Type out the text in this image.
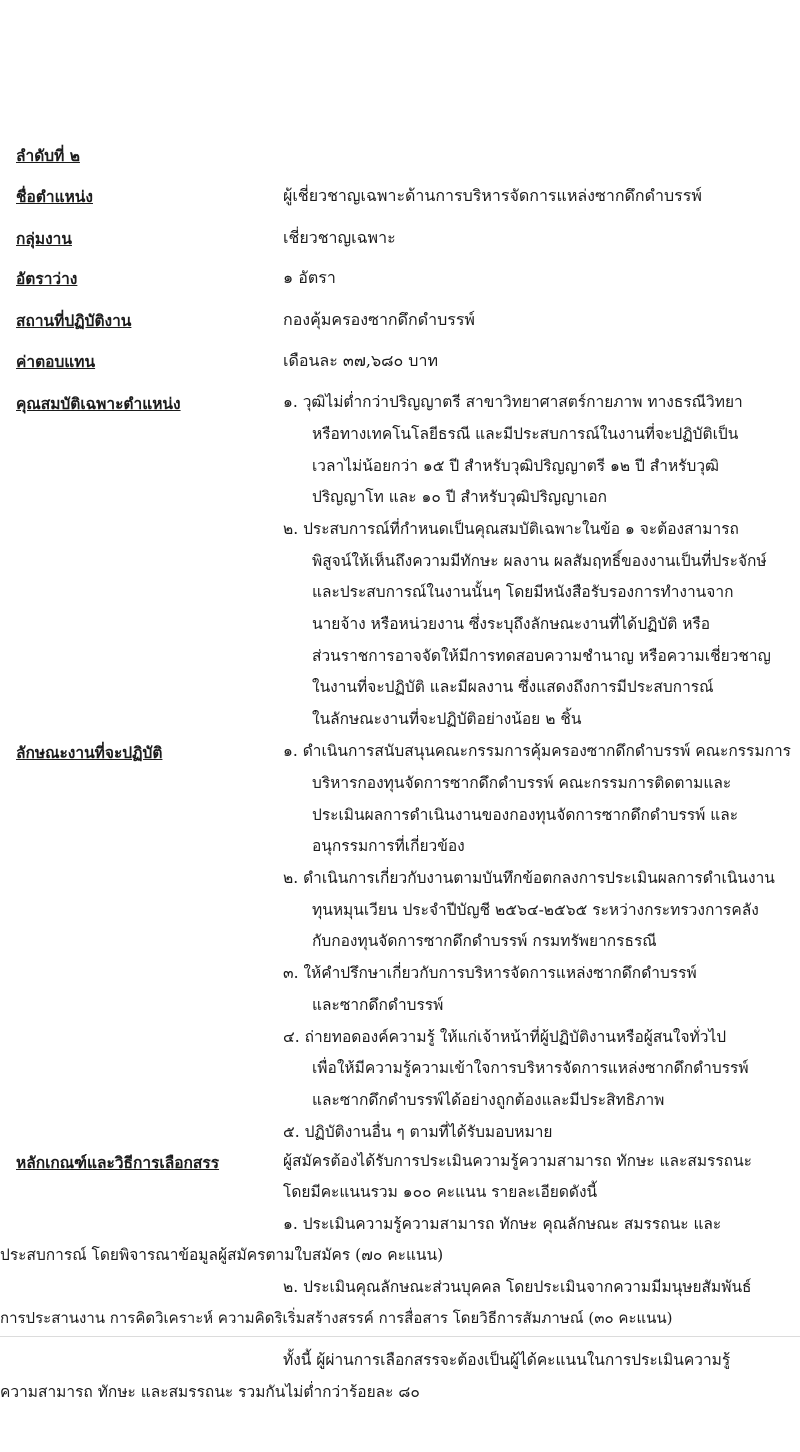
ลำดับที่ ๒
ชื่อตำแหน่ง	ผู้เชี่ยวชาญเฉพาะด้านการบริหารจัดการแหล่งซากดึกดำบรรพ์
กลุ่มงาน	เชี่ยวชาญเฉพาะ
อัตราว่าง	๑ อัตรา
สถานที่ปฏิบัติงาน	กองคุ้มครองซากดึกดำบรรพ์
ค่าตอบแทน	เดือนละ ๓๗,๖๘๐ บาท
คุณสมบัติเฉพาะตำแหน่ง	๑. วุฒิไม่ต่ำกว่าปริญญาตรี สาขาวิทยาศาสตร์กายภาพ ทางธรณีวิทยา
หรือทางเทคโนโลยีธรณี และมีประสบการณ์ในงานที่จะปฏิบัติเป็น
เวลาไม่น้อยกว่า ๑๕ ปี สำหรับวุฒิปริญญาตรี ๑๒ ปี สำหรับวุฒิ
ปริญญาโท และ ๑๐ ปี สำหรับวุฒิปริญญาเอก
๒. ประสบการณ์ที่กำหนดเป็นคุณสมบัติเฉพาะในข้อ ๑ จะต้องสามารถ
พิสูจน์ให้เห็นถึงความมีทักษะ ผลงาน ผลสัมฤทธิ์ของงานเป็นที่ประจักษ์
และประสบการณ์ในงานนั้นๆ โดยมีหนังสือรับรองการทำงานจาก
นายจ้าง หรือหน่วยงาน ซึ่งระบุถึงลักษณะงานที่ได้ปฏิบัติ หรือ
ส่วนราชการอาจจัดให้มีการทดสอบความชำนาญ หรือความเชี่ยวชาญ
ในงานที่จะปฏิบัติ และมีผลงาน ซึ่งแสดงถึงการมีประสบการณ์
ในลักษณะงานที่จะปฏิบัติอย่างน้อย ๒ ชิ้น
ลักษณะงานที่จะปฏิบัติ	๑. ดำเนินการสนับสนุนคณะกรรมการคุ้มครองซากดึกดำบรรพ์ คณะกรรมการ
บริหารกองทุนจัดการซากดึกดำบรรพ์ คณะกรรมการติดตามและ
ประเมินผลการดำเนินงานของกองทุนจัดการซากดึกดำบรรพ์ และ
อนุกรรมการที่เกี่ยวข้อง
๒. ดำเนินการเกี่ยวกับงานตามบันทึกข้อตกลงการประเมินผลการดำเนินงาน
ทุนหมุนเวียน ประจำปีบัญชี ๒๕๖๔-๒๕๖๕ ระหว่างกระทรวงการคลัง
กับกองทุนจัดการซากดึกดำบรรพ์ กรมทรัพยากรธรณี
๓. ให้คำปรึกษาเกี่ยวกับการบริหารจัดการแหล่งซากดึกดำบรรพ์
และซากดึกดำบรรพ์
๔. ถ่ายทอดองค์ความรู้ ให้แก่เจ้าหน้าที่ผู้ปฏิบัติงานหรือผู้สนใจทั่วไป
เพื่อให้มีความรู้ความเข้าใจการบริหารจัดการแหล่งซากดึกดำบรรพ์
และซากดึกดำบรรพ์ได้อย่างถูกต้องและมีประสิทธิภาพ
๕. ปฏิบัติงานอื่น ๆ ตามที่ได้รับมอบหมาย
หลักเกณฑ์และวิธีการเลือกสรร	ผู้สมัครต้องได้รับการประเมินความรู้ความสามารถ ทักษะ และสมรรถนะ
โดยมีคะแนนรวม ๑๐๐ คะแนน รายละเอียดดังนี้
๑. ประเมินความรู้ความสามารถ ทักษะ คุณลักษณะ สมรรถนะ และ
ประสบการณ์ โดยพิจารณาข้อมูลผู้สมัครตามใบสมัคร (๗๐ คะแนน)
๒. ประเมินคุณลักษณะส่วนบุคคล โดยประเมินจากความมีมนุษยสัมพันธ์
การประสานงาน การคิดวิเคราะห์ ความคิดริเริ่มสร้างสรรค์ การสื่อสาร โดยวิธีการสัมภาษณ์ (๓๐ คะแนน)
ทั้งนี้ ผู้ผ่านการเลือกสรรจะต้องเป็นผู้ได้คะแนนในการประเมินความรู้
ความสามารถ ทักษะ และสมรรถนะ รวมกันไม่ต่ำกว่าร้อยละ ๘๐
